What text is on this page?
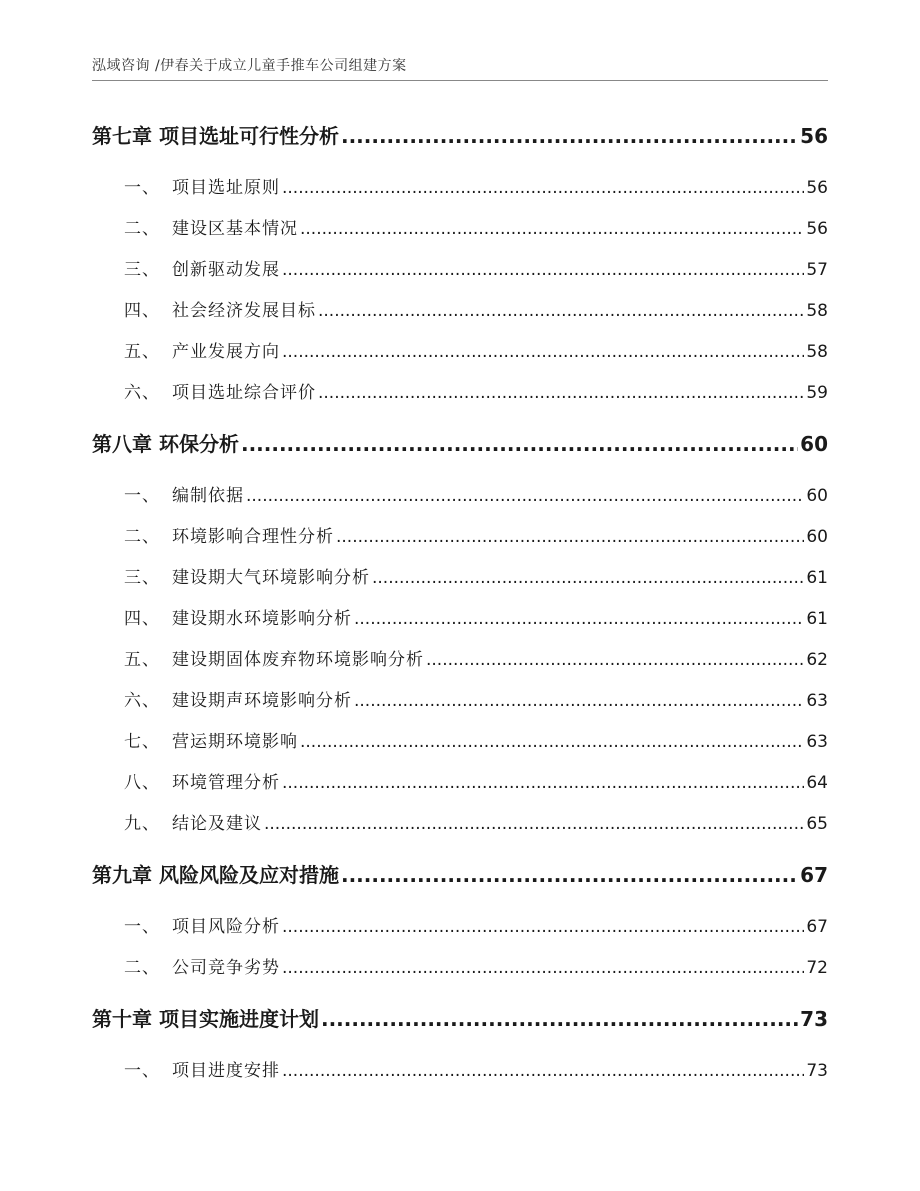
泓域咨询 /伊春关于成立儿童手推车公司组建方案
第七章 项目选址可行性分析 .....	56
一、 项目选址原则 .....	56
二、 建设区基本情况 .....	56
三、 创新驱动发展 .....	57
四、 社会经济发展目标 .....	58
五、 产业发展方向 .....	58
六、 项目选址综合评价 .....	59
第八章 环保分析 .....	60
一、 编制依据 .....	60
二、 环境影响合理性分析 .....	60
三、 建设期大气环境影响分析 .....	61
四、 建设期水环境影响分析 .....	61
五、 建设期固体废弃物环境影响分析 .....	62
六、 建设期声环境影响分析 .....	63
七、 营运期环境影响 .....	63
八、 环境管理分析 .....	64
九、 结论及建议 .....	65
第九章 风险风险及应对措施 .....	67
一、 项目风险分析 .....	67
二、 公司竞争劣势 .....	72
第十章 项目实施进度计划 .....	73
一、 项目进度安排 .....	73
